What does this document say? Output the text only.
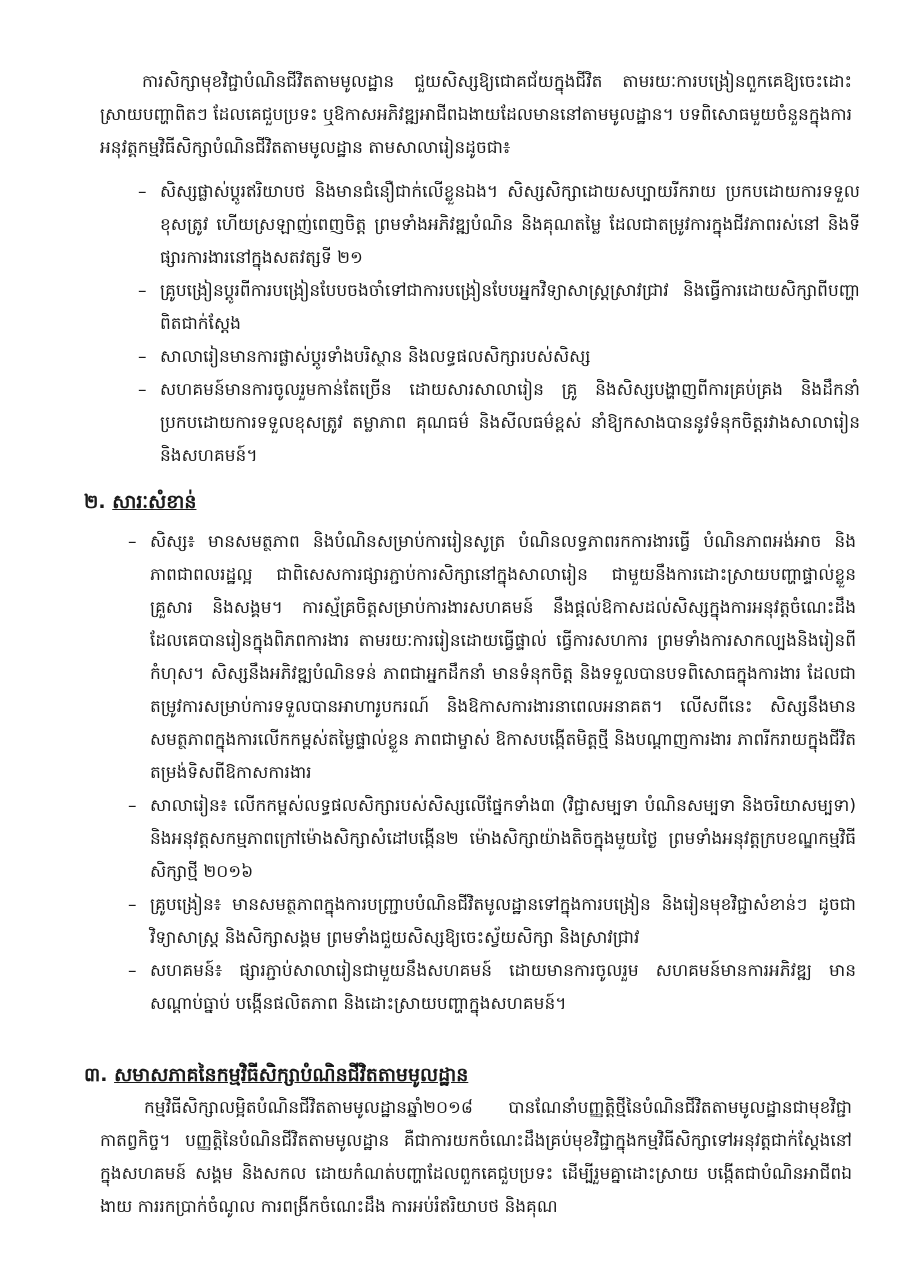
ការសិក្សាមុខវិជ្ជាបំណិនជីវិតតាមមូលដ្ឋាន ជួយសិស្សឱ្យជោគជ័យក្នុងជីវិត តាមរយៈការបង្រៀនពួកគេឱ្យចេះដោះស្រាយបញ្ហាពិតៗ ដែលគេជួបប្រទះ ឬឱកាសអភិវឌ្ឍអាជីពឯងាយដែលមាននៅតាមមូលដ្ឋាន។ បទពិសោធមួយចំនួនក្នុងការអនុវត្តកម្មវិធីសិក្សាបំណិនជីវិតតាមមូលដ្ឋាន តាមសាលារៀនដូចជា៖

– សិស្សផ្លាស់ប្តូរឥរិយាបថ និងមានជំនឿជាក់លើខ្លួនឯង។ សិស្សសិក្សាដោយសប្បាយរីករាយ ប្រកបដោយការទទួលខុសត្រូវ ហើយស្រឡាញ់ពេញចិត្ត ព្រមទាំងអភិវឌ្ឍបំណិន និងគុណតម្លៃ ដែលជាតម្រូវការក្នុងជីវភាពរស់នៅ និងទីផ្សារការងារនៅក្នុងសតវត្សទី ២១
– គ្រូបង្រៀនប្តូរពីការបង្រៀនបែបចងចាំទៅជាការបង្រៀនបែបអ្នកវិទ្យាសាស្ត្រស្រាវជ្រាវ និងធ្វើការដោយសិក្សាពីបញ្ហាពិតជាក់ស្តែង
– សាលារៀនមានការផ្លាស់ប្តូរទាំងបរិស្ថាន និងលទ្ធផលសិក្សារបស់សិស្ស
– សហគមន៍មានការចូលរួមកាន់តែច្រើន ដោយសារសាលារៀន គ្រូ និងសិស្សបង្ហាញពីការគ្រប់គ្រង និងដឹកនាំប្រកបដោយការទទួលខុសត្រូវ តម្លាភាព គុណធម៌ និងសីលធម៌ខ្ពស់ នាំឱ្យកសាងបាននូវទំនុកចិត្តរវាងសាលារៀន និងសហគមន៍។
២. សារៈសំខាន់
– សិស្ស៖ មានសមត្ថភាព និងបំណិនសម្រាប់ការរៀនសូត្រ បំណិនលទ្ធភាពរកការងារធ្វើ បំណិនភាពអង់អាច និងភាពជាពលរដ្ឋល្អ ជាពិសេសការផ្សារភ្ជាប់ការសិក្សានៅក្នុងសាលារៀន ជាមួយនឹងការដោះស្រាយបញ្ហាផ្ទាល់ខ្លួន គ្រួសារ និងសង្គម។ ការស្ម័គ្រចិត្តសម្រាប់ការងារសហគមន៍ នឹងផ្តល់ឱកាសដល់សិស្សក្នុងការអនុវត្តចំណេះដឹងដែលគេបានរៀនក្នុងពិភពការងារ តាមរយៈការរៀនដោយធ្វើផ្ទាល់ ធ្វើការសហការ ព្រមទាំងការសាកល្បងនិងរៀនពីកំហុស។ សិស្សនឹងអភិវឌ្ឍបំណិនទន់ ភាពជាអ្នកដឹកនាំ មានទំនុកចិត្ត និងទទួលបានបទពិសោធក្នុងការងារ ដែលជាតម្រូវការសម្រាប់ការទទួលបានអាហារូបករណ៍ និងឱកាសការងារនាពេលអនាគត។ លើសពីនេះ សិស្សនឹងមានសមត្ថភាពក្នុងការលើកកម្ពស់តម្លៃផ្ទាល់ខ្លួន ភាពជាម្ចាស់ ឱកាសបង្កើតមិត្តថ្មី និងបណ្តាញការងារ ភាពរីករាយក្នុងជីវិតតម្រង់ទិសពីឱកាសការងារ
– សាលារៀន៖ លើកកម្ពស់លទ្ធផលសិក្សារបស់សិស្សលើផ្នែកទាំង៣ (វិជ្ជាសម្បទា បំណិនសម្បទា និងចរិយាសម្បទា) និងអនុវត្តសកម្មភាពក្រៅម៉ោងសិក្សាសំដៅបង្កើន២ ម៉ោងសិក្សាយ៉ាងតិចក្នុងមួយថ្ងៃ ព្រមទាំងអនុវត្តក្របខណ្ឌកម្មវិធីសិក្សាថ្មី ២០១៦
– គ្រូបង្រៀន៖ មានសមត្ថភាពក្នុងការបញ្ជ្រាបបំណិនជីវិតមូលដ្ឋានទៅក្នុងការបង្រៀន និងរៀនមុខវិជ្ជាសំខាន់ៗ ដូចជាវិទ្យាសាស្ត្រ និងសិក្សាសង្គម ព្រមទាំងជួយសិស្សឱ្យចេះស្វ័យសិក្សា និងស្រាវជ្រាវ
– សហគមន៍៖ ផ្សារភ្ជាប់សាលារៀនជាមួយនឹងសហគមន៍ ដោយមានការចូលរួម សហគមន៍មានការអភិវឌ្ឍ មានសណ្តាប់ធ្នាប់ បង្កើនផលិតភាព និងដោះស្រាយបញ្ហាក្នុងសហគមន៍។
៣. សមាសភាគនៃកម្មវិធីសិក្សាបំណិនជីវិតតាមមូលដ្ឋាន

កម្មវិធីសិក្សាលម្អិតបំណិនជីវិតតាមមូលដ្ឋានឆ្នាំ២០១៨ បានណែនាំបញ្ញត្តិថ្មីនៃបំណិនជីវិតតាមមូលដ្ឋានជាមុខវិជ្ជាកាតព្វកិច្ច។ បញ្ញត្តិនៃបំណិនជីវិតតាមមូលដ្ឋាន គឺជាការយកចំណេះដឹងគ្រប់មុខវិជ្ជាក្នុងកម្មវិធីសិក្សាទៅអនុវត្តជាក់ស្តែងនៅក្នុងសហគមន៍ សង្គម និងសកល ដោយកំណត់បញ្ហាដែលពួកគេជួបប្រទះ ដើម្បីរួមគ្នាដោះស្រាយ បង្កើតជាបំណិនអាជីពឯងាយ ការរកប្រាក់ចំណូល ការពង្រីកចំណេះដឹង ការអប់រំឥរិយាបថ និងគុណ
